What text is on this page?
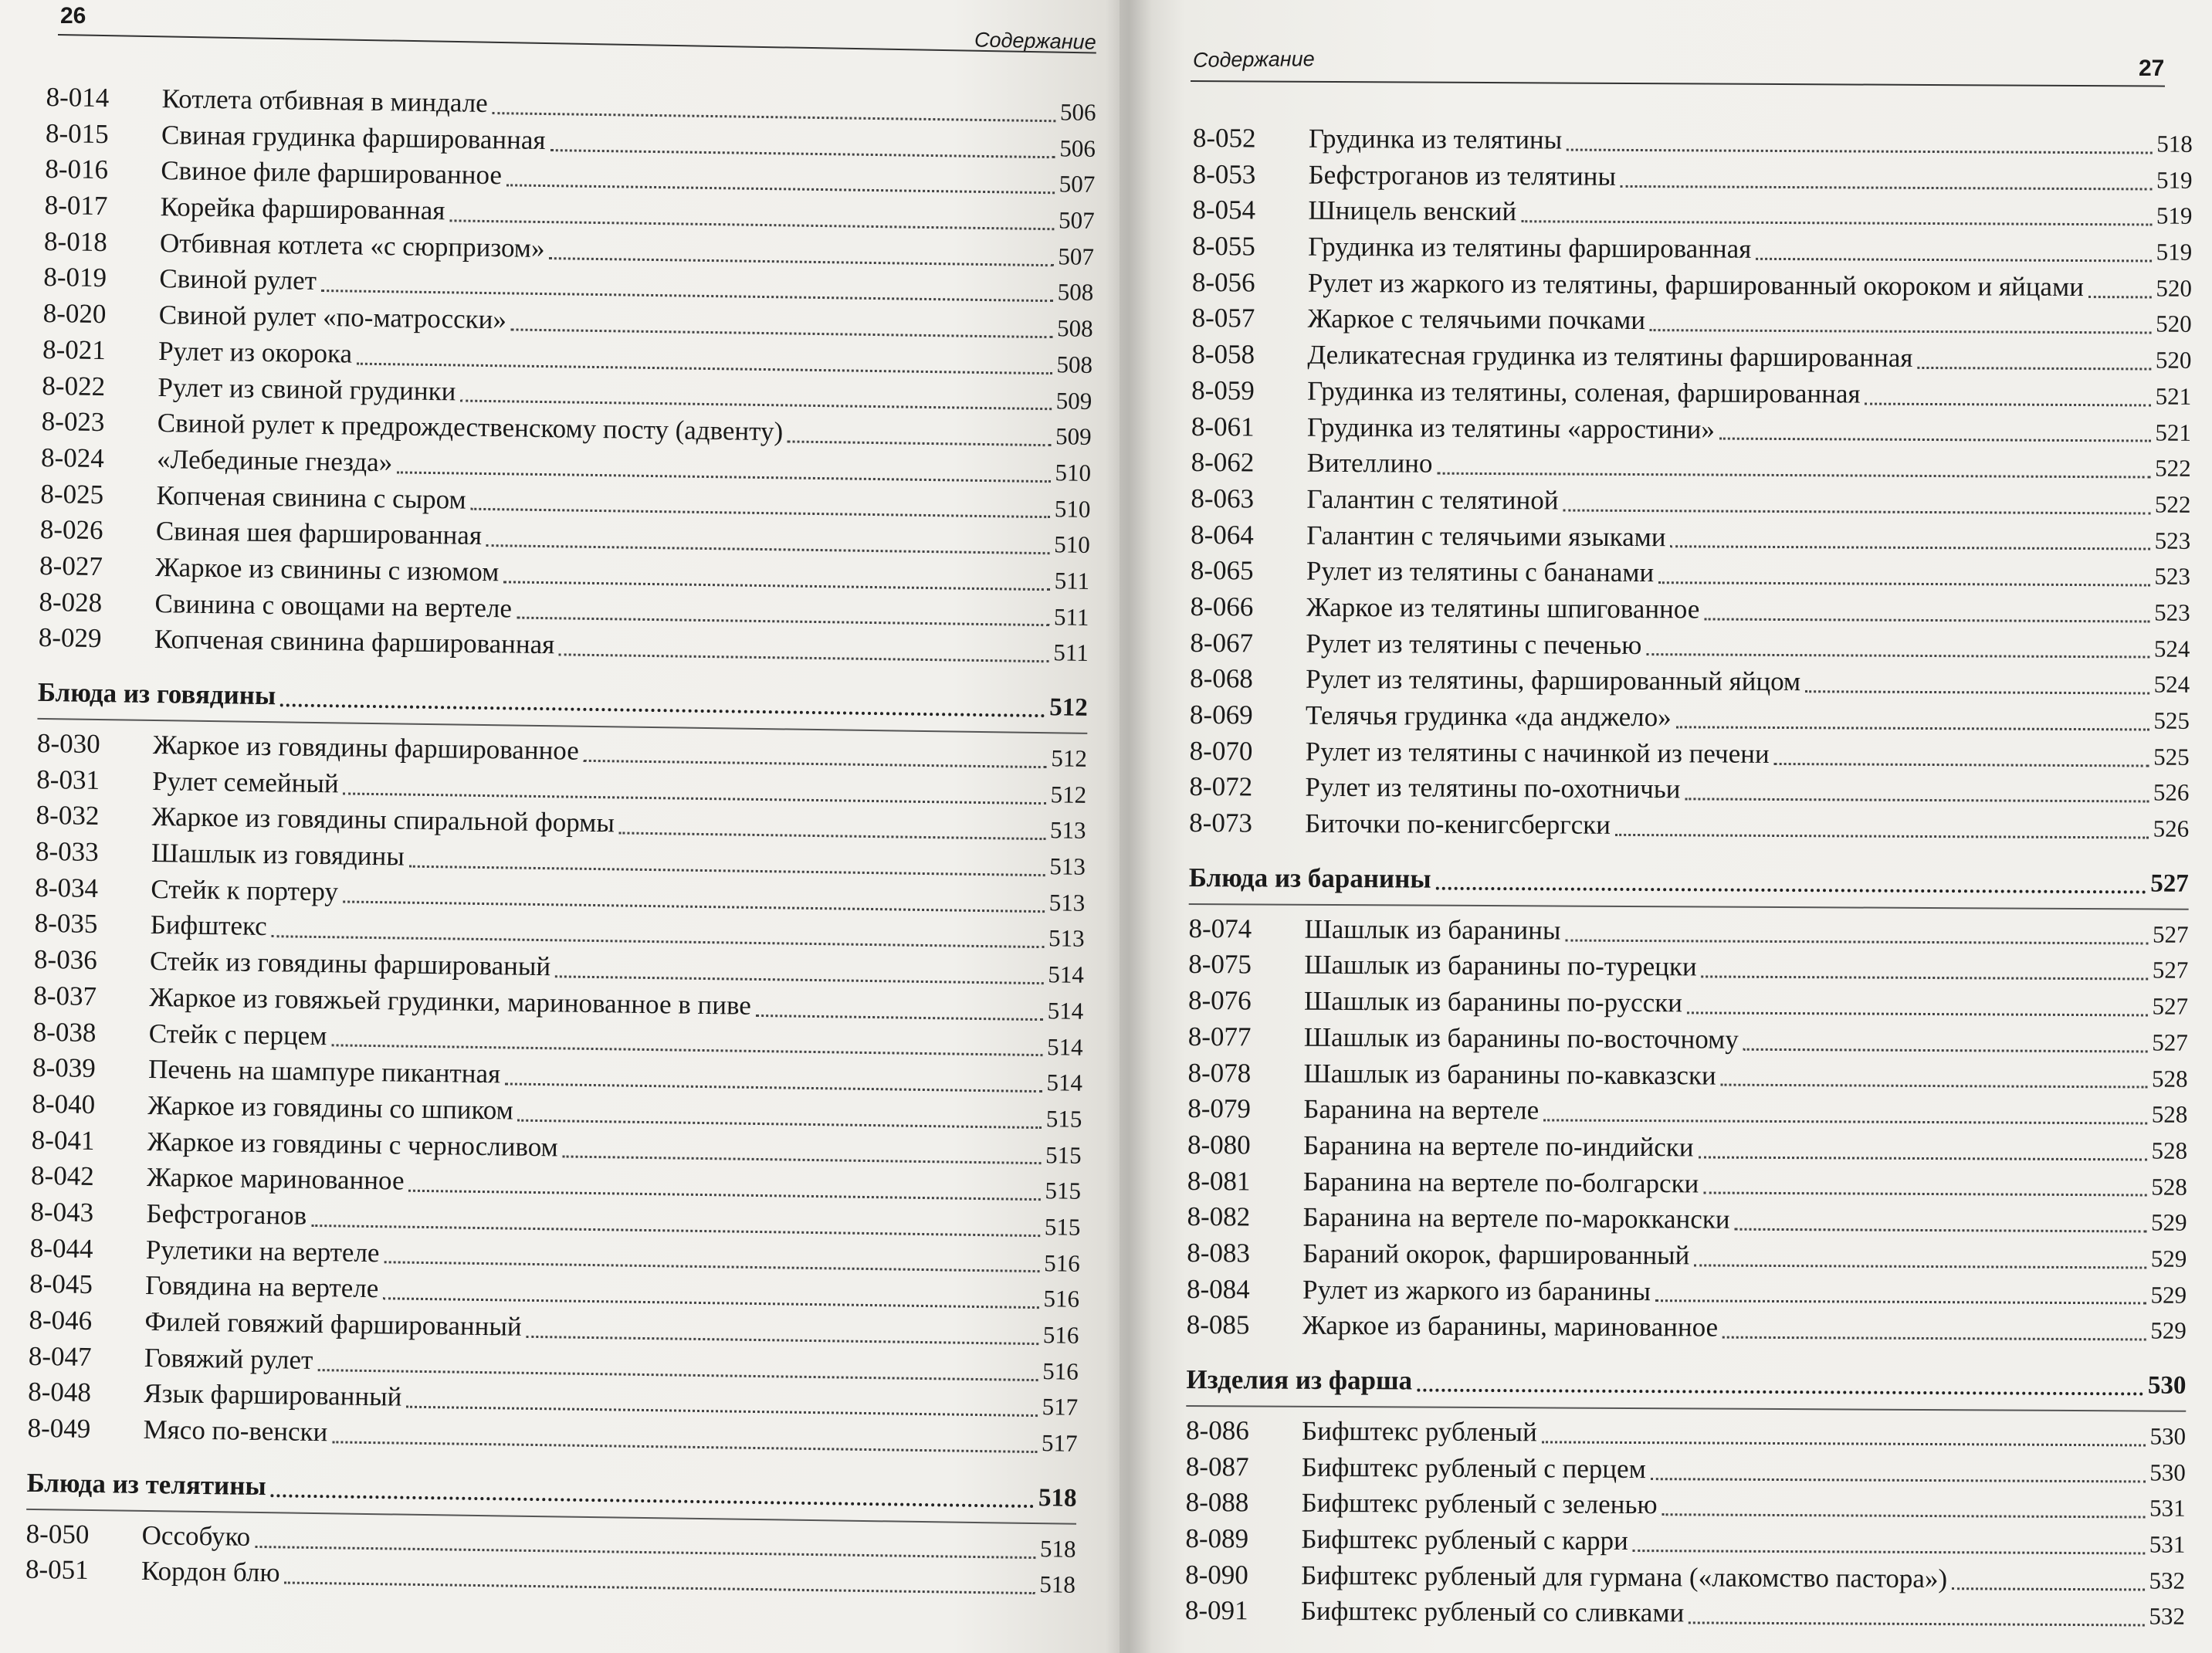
26
Содержание
8-014	Котлета отбивная в миндале	506
8-015	Свиная грудинка фаршированная	506
8-016	Свиное филе фаршированное	507
8-017	Корейка фаршированная	507
8-018	Отбивная котлета «с сюрпризом»	507
8-019	Свиной рулет	508
8-020	Свиной рулет «по-матросски»	508
8-021	Рулет из окорока	508
8-022	Рулет из свиной грудинки	509
8-023	Свиной рулет к предрождественскому посту (адвенту)	509
8-024	«Лебединые гнезда»	510
8-025	Копченая свинина с сыром	510
8-026	Свиная шея фаршированная	510
8-027	Жаркое из свинины с изюмом	511
8-028	Свинина с овощами на вертеле	511
8-029	Копченая свинина фаршированная	511
Блюда из говядины	512
8-030	Жаркое из говядины фаршированное	512
8-031	Рулет семейный	512
8-032	Жаркое из говядины спиральной формы	513
8-033	Шашлык из говядины	513
8-034	Стейк к портеру	513
8-035	Бифштекс	513
8-036	Стейк из говядины фаршированый	514
8-037	Жаркое из говяжьей грудинки, маринованное в пиве	514
8-038	Стейк с перцем	514
8-039	Печень на шампуре пикантная	514
8-040	Жаркое из говядины со шпиком	515
8-041	Жаркое из говядины с черносливом	515
8-042	Жаркое маринованное	515
8-043	Бефстроганов	515
8-044	Рулетики на вертеле	516
8-045	Говядина на вертеле	516
8-046	Филей говяжий фаршированный	516
8-047	Говяжий рулет	516
8-048	Язык фаршированный	517
8-049	Мясо по-венски	517
Блюда из телятины	518
8-050	Оссобуко	518
8-051	Кордон блю	518
Содержание	27
8-052	Грудинка из телятины	518
8-053	Бефстроганов из телятины	519
8-054	Шницель венский	519
8-055	Грудинка из телятины фаршированная	519
8-056	Рулет из жаркого из телятины, фаршированный окороком и яйцами	520
8-057	Жаркое с телячьими почками	520
8-058	Деликатесная грудинка из телятины фаршированная	520
8-059	Грудинка из телятины, соленая, фаршированная	521
8-061	Грудинка из телятины «арростини»	521
8-062	Вителлино	522
8-063	Галантин с телятиной	522
8-064	Галантин с телячьими языками	523
8-065	Рулет из телятины с бананами	523
8-066	Жаркое из телятины шпигованное	523
8-067	Рулет из телятины с печенью	524
8-068	Рулет из телятины, фаршированный яйцом	524
8-069	Телячья грудинка «да анджело»	525
8-070	Рулет из телятины с начинкой из печени	525
8-072	Рулет из телятины по-охотничьи	526
8-073	Биточки по-кенигсбергски	526
Блюда из баранины	527
8-074	Шашлык из баранины	527
8-075	Шашлык из баранины по-турецки	527
8-076	Шашлык из баранины по-русски	527
8-077	Шашлык из баранины по-восточному	527
8-078	Шашлык из баранины по-кавказски	528
8-079	Баранина на вертеле	528
8-080	Баранина на вертеле по-индийски	528
8-081	Баранина на вертеле по-болгарски	528
8-082	Баранина на вертеле по-мароккански	529
8-083	Бараний окорок, фаршированный	529
8-084	Рулет из жаркого из баранины	529
8-085	Жаркое из баранины, маринованное	529
Изделия из фарша	530
8-086	Бифштекс рубленый	530
8-087	Бифштекс рубленый с перцем	530
8-088	Бифштекс рубленый с зеленью	531
8-089	Бифштекс рубленый с карри	531
8-090	Бифштекс рубленый для гурмана («лакомство пастора»)	532
8-091	Бифштекс рубленый со сливками	532
